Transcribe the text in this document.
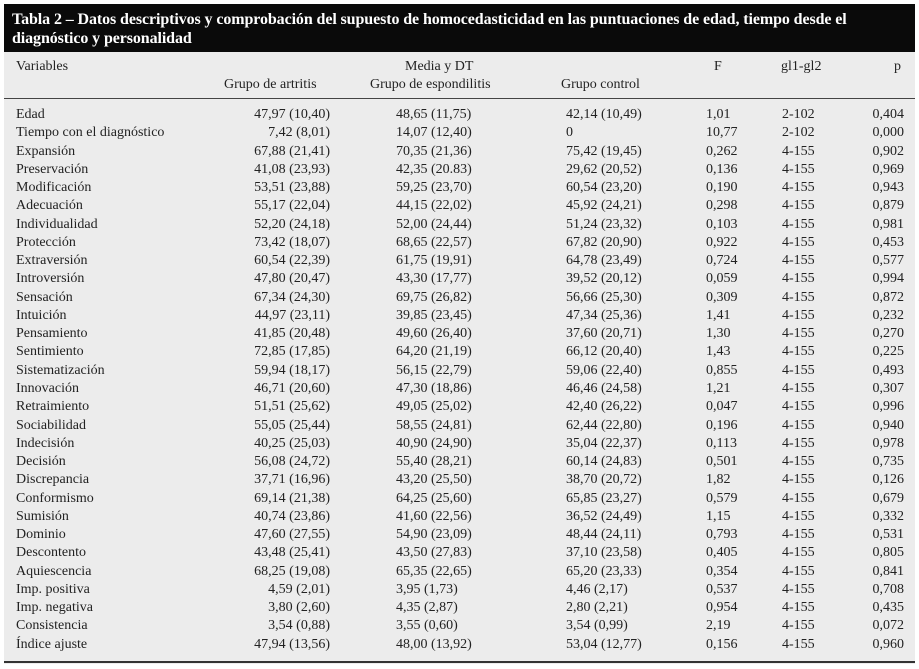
Tabla 2 – Datos descriptivos y comprobación del supuesto de homocedasticidad en las puntuaciones de edad, tiempo desde el diagnóstico y personalidad
Variables	Media y DT
Grupo de artritis	Grupo de espondilitis	Grupo control
F	gl1-gl2	p
Edad	47,97 (10,40)	48,65 (11,75)	42,14 (10,49)	1,01	2-102	0,404
Tiempo con el diagnóstico	7,42 (8,01)	14,07 (12,40)	0	10,77	2-102	0,000
Expansión	67,88 (21,41)	70,35 (21,36)	75,42 (19,45)	0,262	4-155	0,902
Preservación	41,08 (23,93)	42,35 (20.83)	29,62 (20,52)	0,136	4-155	0,969
Modificación	53,51 (23,88)	59,25 (23,70)	60,54 (23,20)	0,190	4-155	0,943
Adecuación	55,17 (22,04)	44,15 (22,02)	45,92 (24,21)	0,298	4-155	0,879
Individualidad	52,20 (24,18)	52,00 (24,44)	51,24 (23,32)	0,103	4-155	0,981
Protección	73,42 (18,07)	68,65 (22,57)	67,82 (20,90)	0,922	4-155	0,453
Extraversión	60,54 (22,39)	61,75 (19,91)	64,78 (23,49)	0,724	4-155	0,577
Introversión	47,80 (20,47)	43,30 (17,77)	39,52 (20,12)	0,059	4-155	0,994
Sensación	67,34 (24,30)	69,75 (26,82)	56,66 (25,30)	0,309	4-155	0,872
Intuición	44,97 (23,11)	39,85 (23,45)	47,34 (25,36)	1,41	4-155	0,232
Pensamiento	41,85 (20,48)	49,60 (26,40)	37,60 (20,71)	1,30	4-155	0,270
Sentimiento	72,85 (17,85)	64,20 (21,19)	66,12 (20,40)	1,43	4-155	0,225
Sistematización	59,94 (18,17)	56,15 (22,79)	59,06 (22,40)	0,855	4-155	0,493
Innovación	46,71 (20,60)	47,30 (18,86)	46,46 (24,58)	1,21	4-155	0,307
Retraimiento	51,51 (25,62)	49,05 (25,02)	42,40 (26,22)	0,047	4-155	0,996
Sociabilidad	55,05 (25,44)	58,55 (24,81)	62,44 (22,80)	0,196	4-155	0,940
Indecisión	40,25 (25,03)	40,90 (24,90)	35,04 (22,37)	0,113	4-155	0,978
Decisión	56,08 (24,72)	55,40 (28,21)	60,14 (24,83)	0,501	4-155	0,735
Discrepancia	37,71 (16,96)	43,20 (25,50)	38,70 (20,72)	1,82	4-155	0,126
Conformismo	69,14 (21,38)	64,25 (25,60)	65,85 (23,27)	0,579	4-155	0,679
Sumisión	40,74 (23,86)	41,60 (22,56)	36,52 (24,49)	1,15	4-155	0,332
Dominio	47,60 (27,55)	54,90 (23,09)	48,44 (24,11)	0,793	4-155	0,531
Descontento	43,48 (25,41)	43,50 (27,83)	37,10 (23,58)	0,405	4-155	0,805
Aquiescencia	68,25 (19,08)	65,35 (22,65)	65,20 (23,33)	0,354	4-155	0,841
Imp. positiva	4,59 (2,01)	3,95 (1,73)	4,46 (2,17)	0,537	4-155	0,708
Imp. negativa	3,80 (2,60)	4,35 (2,87)	2,80 (2,21)	0,954	4-155	0,435
Consistencia	3,54 (0,88)	3,55 (0,60)	3,54 (0,99)	2,19	4-155	0,072
Índice ajuste	47,94 (13,56)	48,00 (13,92)	53,04 (12,77)	0,156	4-155	0,960
